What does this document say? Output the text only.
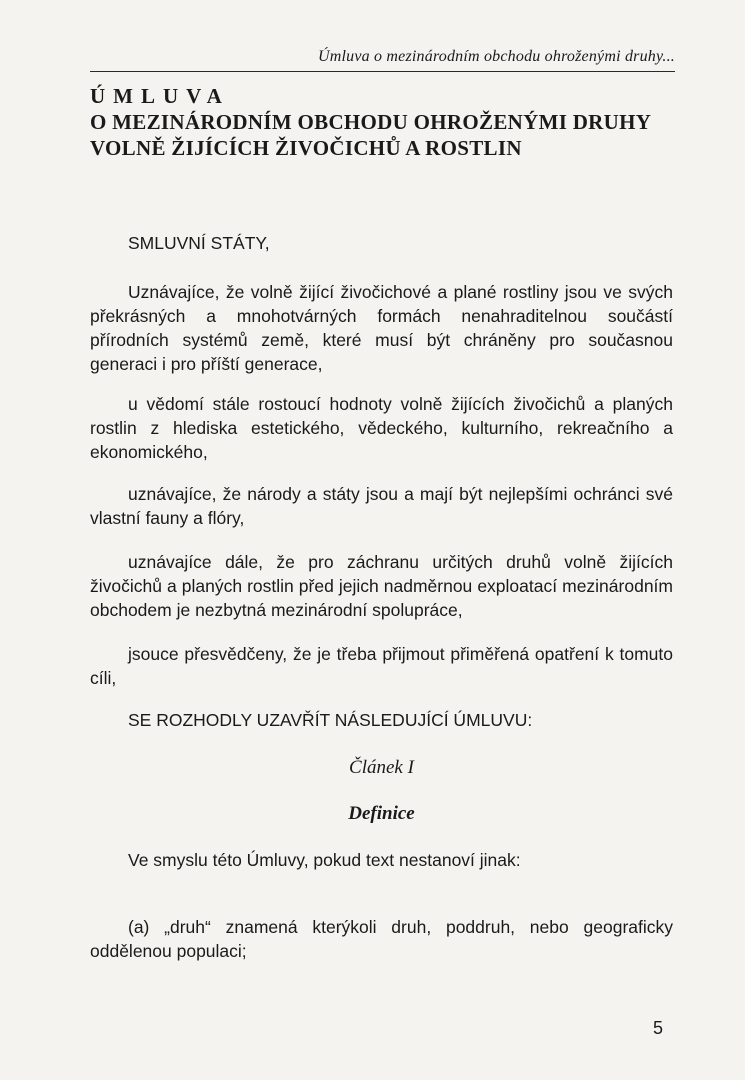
Úmluva o mezinárodním obchodu ohroženými druhy...
ÚMLUVA
O MEZINÁRODNÍM OBCHODU OHROŽENÝMI DRUHY
VOLNĚ ŽIJÍCÍCH ŽIVOČICHŮ A ROSTLIN
SMLUVNÍ STÁTY,
Uznávajíce, že volně žijící živočichové a plané rostliny jsou ve svých překrásných a mnohotvárných formách nenahraditelnou součástí přírodních systémů země, které musí být chráněny pro současnou generaci i pro příští generace,
u vědomí stále rostoucí hodnoty volně žijících živočichů a planých rostlin z hlediska estetického, vědeckého, kulturního, rekreačního a ekonomického,
uznávajíce, že národy a státy jsou a mají být nejlepšími ochránci své vlastní fauny a flóry,
uznávajíce dále, že pro záchranu určitých druhů volně žijících živočichů a planých rostlin před jejich nadměrnou exploatací mezinárodním obchodem je nezbytná mezinárodní spolupráce,
jsouce přesvědčeny, že je třeba přijmout přiměřená opatření k tomuto cíli,
SE ROZHODLY UZAVŘÍT NÁSLEDUJÍCÍ ÚMLUVU:
Článek I
Definice
Ve smyslu této Úmluvy, pokud text nestanoví jinak:
(a) „druh“ znamená kterýkoli druh, poddruh, nebo geograficky oddělenou populaci;
5
